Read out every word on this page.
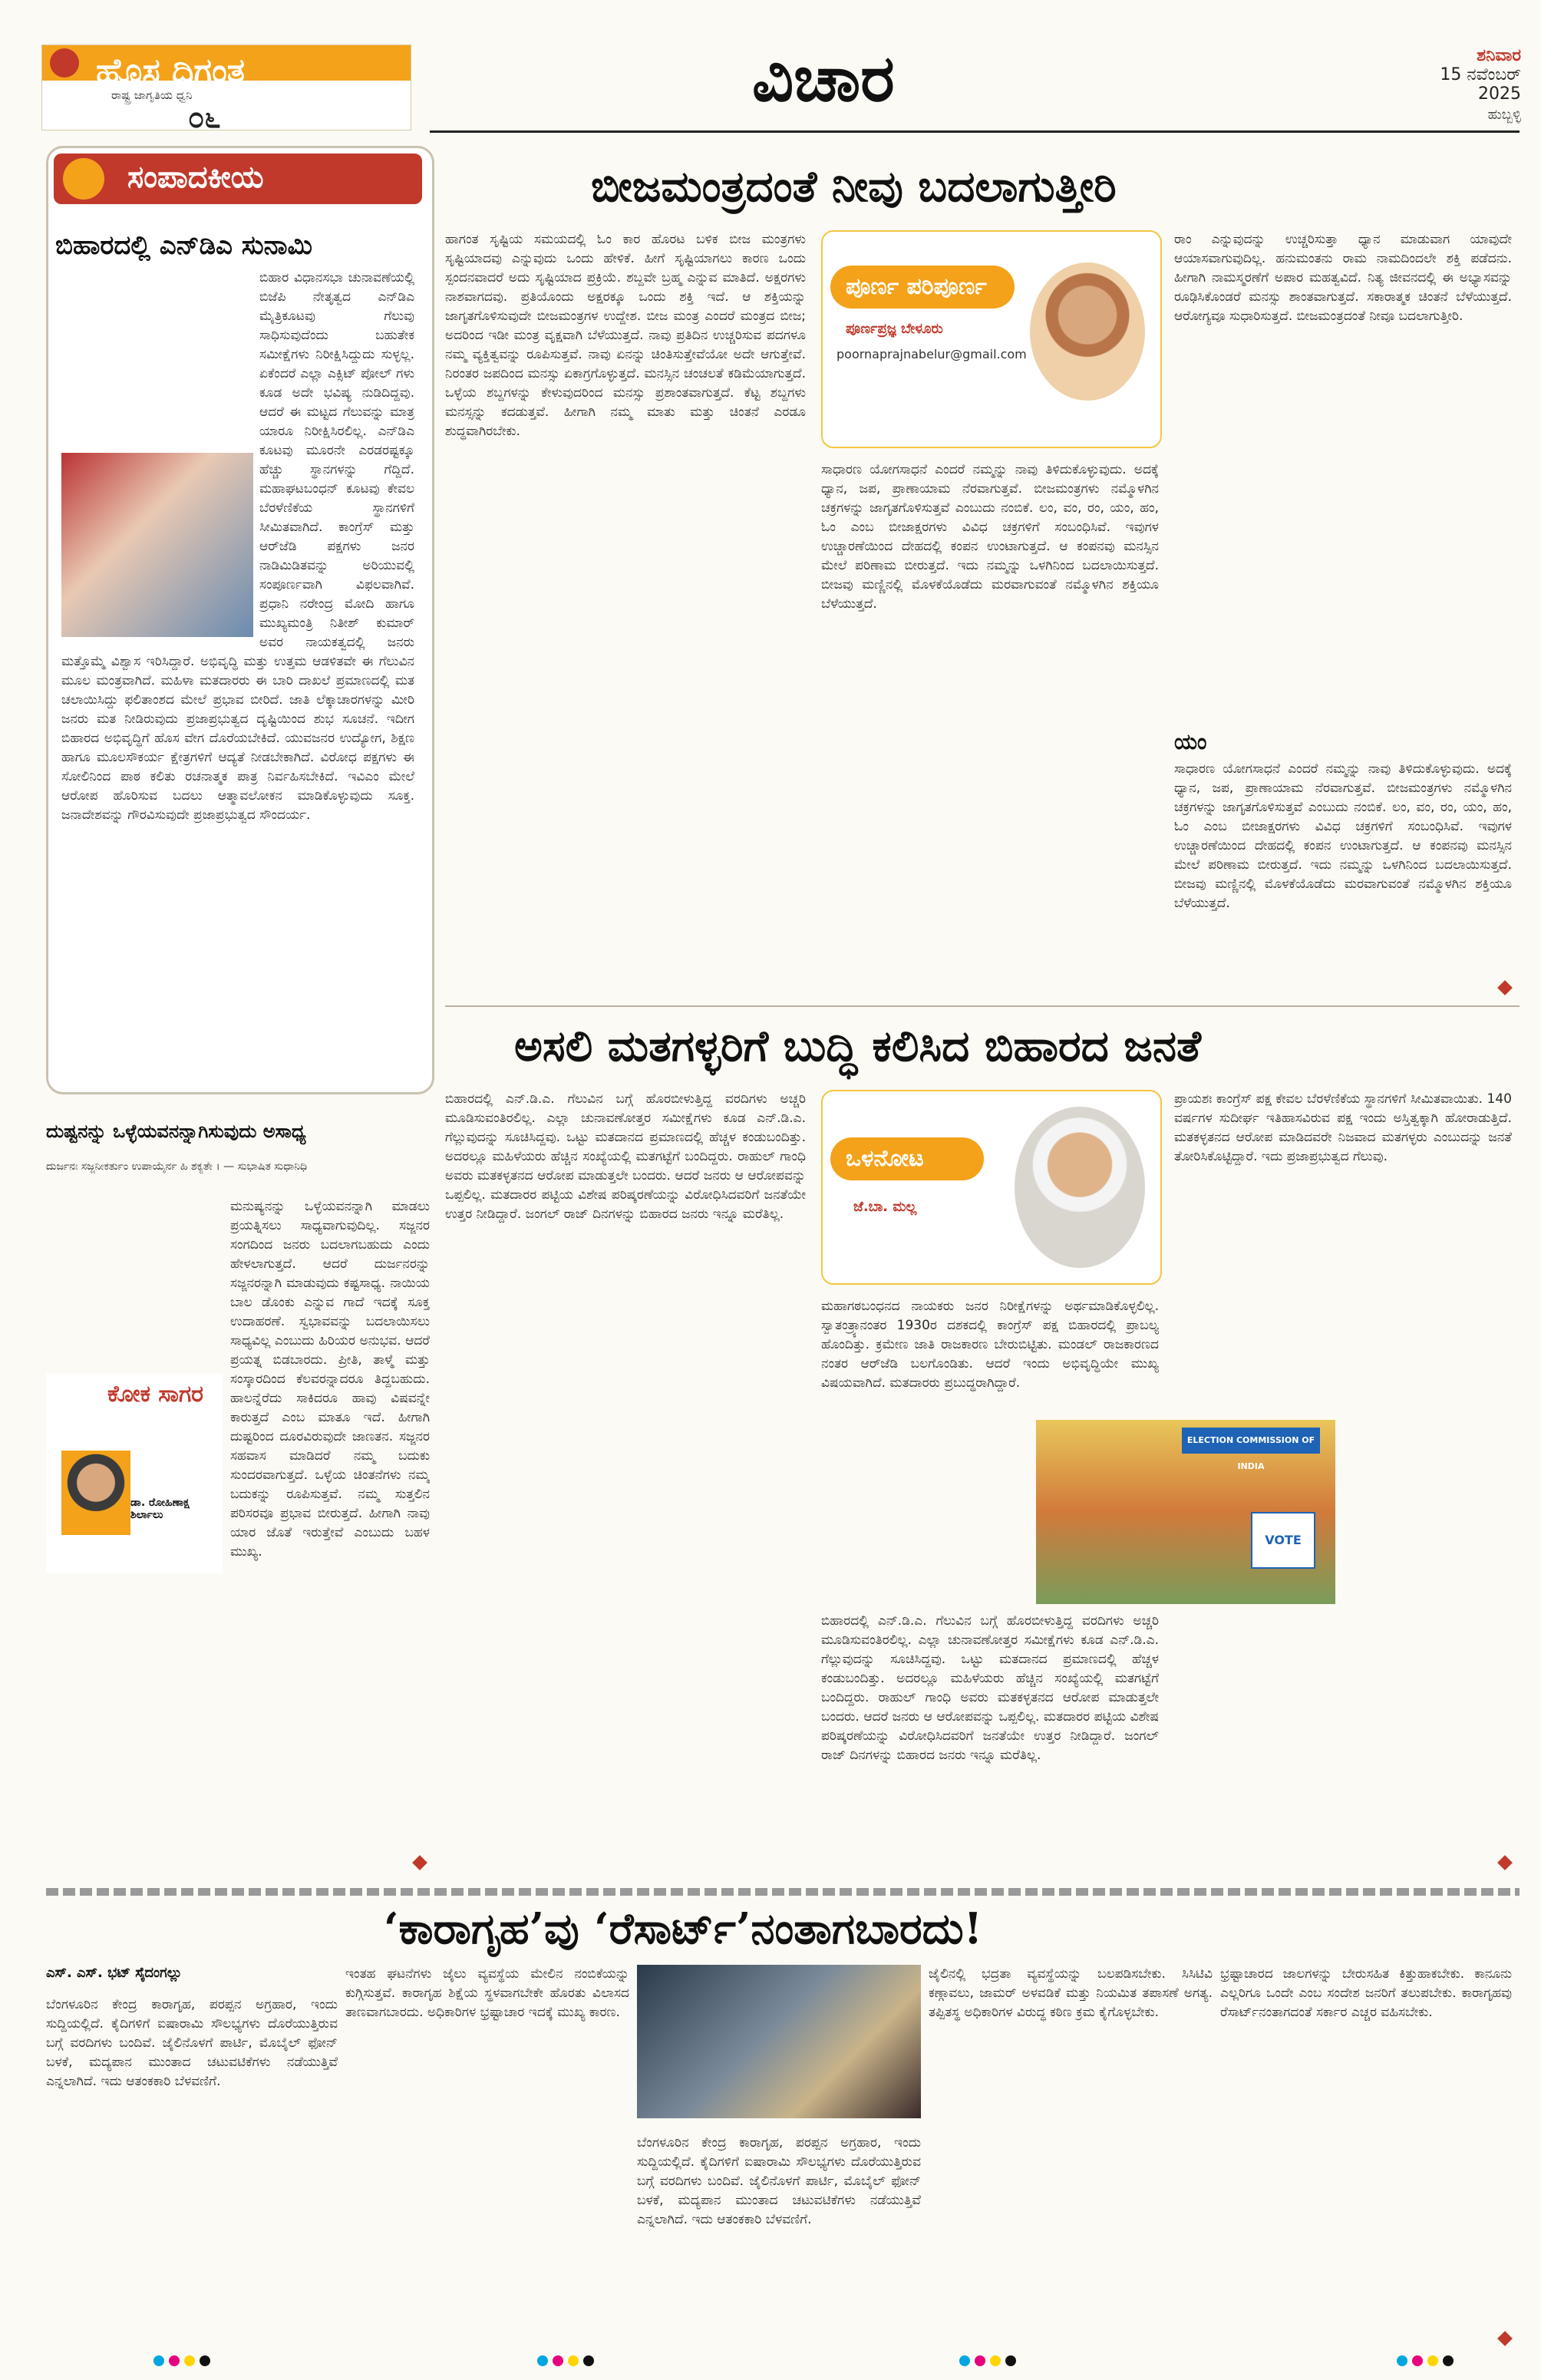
ಹೊಸ ದಿಗಂತ
ರಾಷ್ಟ್ರ ಜಾಗೃತಿಯ ಧ್ವನಿ
೦೬
ವಿಚಾರ	ಶನಿವಾರ
15 ನವೆಂಬರ್ 2025
ಹುಬ್ಬಳ್ಳಿ
ಸಂಪಾದಕೀಯ
ಬಿಹಾರದಲ್ಲಿ ಎನ್‌ಡಿಎ ಸುನಾಮಿ
ಬಿಹಾರ ವಿಧಾನಸಭಾ ಚುನಾವಣೆಯಲ್ಲಿ ಬಿಜೆಪಿ ನೇತೃತ್ವದ ಎನ್‌ಡಿಎ ಮೈತ್ರಿಕೂಟವು ಗೆಲುವು ಸಾಧಿಸುವುದೆಂದು ಬಹುತೇಕ ಸಮೀಕ್ಷೆಗಳು ನಿರೀಕ್ಷಿಸಿದ್ದುದು ಸುಳ್ಳಲ್ಲ. ಏಕೆಂದರೆ ಎಲ್ಲಾ ಎಕ್ಸಿಟ್ ಪೋಲ್ ಗಳು ಕೂಡ ಅದೇ ಭವಿಷ್ಯ ನುಡಿದಿದ್ದವು. ಆದರೆ ಈ ಮಟ್ಟದ ಗೆಲುವನ್ನು ಮಾತ್ರ ಯಾರೂ ನಿರೀಕ್ಷಿಸಿರಲಿಲ್ಲ. ಎನ್‌ಡಿಎ ಕೂಟವು ಮೂರನೇ ಎರಡರಷ್ಟಕ್ಕೂ ಹೆಚ್ಚು ಸ್ಥಾನಗಳನ್ನು ಗೆದ್ದಿದೆ. ಮಹಾಘಟಬಂಧನ್ ಕೂಟವು ಕೇವಲ ಬೆರಳೆಣಿಕೆಯ ಸ್ಥಾನಗಳಿಗೆ ಸೀಮಿತವಾಗಿದೆ. ಕಾಂಗ್ರೆಸ್ ಮತ್ತು ಆರ್‌ಜೆಡಿ ಪಕ್ಷಗಳು ಜನರ ನಾಡಿಮಿಡಿತವನ್ನು ಅರಿಯುವಲ್ಲಿ ಸಂಪೂರ್ಣವಾಗಿ ವಿಫಲವಾಗಿವೆ. ಪ್ರಧಾನಿ ನರೇಂದ್ರ ಮೋದಿ ಹಾಗೂ ಮುಖ್ಯಮಂತ್ರಿ ನಿತೀಶ್ ಕುಮಾರ್ ಅವರ ನಾಯಕತ್ವದಲ್ಲಿ ಜನರು ಮತ್ತೊಮ್ಮೆ ವಿಶ್ವಾಸ ಇರಿಸಿದ್ದಾರೆ. ಅಭಿವೃದ್ಧಿ ಮತ್ತು ಉತ್ತಮ ಆಡಳಿತವೇ ಈ ಗೆಲುವಿನ ಮೂಲ ಮಂತ್ರವಾಗಿದೆ. ಮಹಿಳಾ ಮತದಾರರು ಈ ಬಾರಿ ದಾಖಲೆ ಪ್ರಮಾಣದಲ್ಲಿ ಮತ ಚಲಾಯಿಸಿದ್ದು ಫಲಿತಾಂಶದ ಮೇಲೆ ಪ್ರಭಾವ ಬೀರಿದೆ. ಜಾತಿ ಲೆಕ್ಕಾಚಾರಗಳನ್ನು ಮೀರಿ ಜನರು ಮತ ನೀಡಿರುವುದು ಪ್ರಜಾಪ್ರಭುತ್ವದ ದೃಷ್ಟಿಯಿಂದ ಶುಭ ಸೂಚನೆ. ಇದೀಗ ಬಿಹಾರದ ಅಭಿವೃದ್ಧಿಗೆ ಹೊಸ ವೇಗ ದೊರೆಯಬೇಕಿದೆ. ಯುವಜನರ ಉದ್ಯೋಗ, ಶಿಕ್ಷಣ ಹಾಗೂ ಮೂಲಸೌಕರ್ಯ ಕ್ಷೇತ್ರಗಳಿಗೆ ಆದ್ಯತೆ ನೀಡಬೇಕಾಗಿದೆ. ವಿರೋಧ ಪಕ್ಷಗಳು ಈ ಸೋಲಿನಿಂದ ಪಾಠ ಕಲಿತು ರಚನಾತ್ಮಕ ಪಾತ್ರ ನಿರ್ವಹಿಸಬೇಕಿದೆ. ಇವಿಎಂ ಮೇಲೆ ಆರೋಪ ಹೊರಿಸುವ ಬದಲು ಆತ್ಮಾವಲೋಕನ ಮಾಡಿಕೊಳ್ಳುವುದು ಸೂಕ್ತ. ಜನಾದೇಶವನ್ನು ಗೌರವಿಸುವುದೇ ಪ್ರಜಾಪ್ರಭುತ್ವದ ಸೌಂದರ್ಯ.
ಬೀಜಮಂತ್ರದಂತೆ ನೀವು ಬದಲಾಗುತ್ತೀರಿ
ಪೂರ್ಣ ಪರಿಪೂರ್ಣ
ಪೂರ್ಣಪ್ರಜ್ಞ ಬೇಳೂರು
poornaprajnabelur@gmail.com
ಹಾಗಂತ ಸೃಷ್ಟಿಯ ಸಮಯದಲ್ಲಿ ಓಂ ಕಾರ ಹೊರಟ ಬಳಿಕ ಬೀಜ ಮಂತ್ರಗಳು ಸೃಷ್ಟಿಯಾದವು ಎನ್ನುವುದು ಒಂದು ಹೇಳಿಕೆ. ಹೀಗೆ ಸೃಷ್ಟಿಯಾಗಲು ಕಾರಣ ಒಂದು ಸ್ಪಂದನವಾದರೆ ಅದು ಸೃಷ್ಟಿಯಾದ ಪ್ರಕ್ರಿಯೆ. ಶಬ್ದವೇ ಬ್ರಹ್ಮ ಎನ್ನುವ ಮಾತಿದೆ. ಅಕ್ಷರಗಳು ನಾಶವಾಗದವು. ಪ್ರತಿಯೊಂದು ಅಕ್ಷರಕ್ಕೂ ಒಂದು ಶಕ್ತಿ ಇದೆ. ಆ ಶಕ್ತಿಯನ್ನು ಜಾಗೃತಗೊಳಿಸುವುದೇ ಬೀಜಮಂತ್ರಗಳ ಉದ್ದೇಶ. ಬೀಜ ಮಂತ್ರ ಎಂದರೆ ಮಂತ್ರದ ಬೀಜ; ಅದರಿಂದ ಇಡೀ ಮಂತ್ರ ವೃಕ್ಷವಾಗಿ ಬೆಳೆಯುತ್ತದೆ. ನಾವು ಪ್ರತಿದಿನ ಉಚ್ಚರಿಸುವ ಪದಗಳೂ ನಮ್ಮ ವ್ಯಕ್ತಿತ್ವವನ್ನು ರೂಪಿಸುತ್ತವೆ. ನಾವು ಏನನ್ನು ಚಿಂತಿಸುತ್ತೇವೆಯೋ ಅದೇ ಆಗುತ್ತೇವೆ. ನಿರಂತರ ಜಪದಿಂದ ಮನಸ್ಸು ಏಕಾಗ್ರಗೊಳ್ಳುತ್ತದೆ. ಮನಸ್ಸಿನ ಚಂಚಲತೆ ಕಡಿಮೆಯಾಗುತ್ತದೆ. ಒಳ್ಳೆಯ ಶಬ್ದಗಳನ್ನು ಕೇಳುವುದರಿಂದ ಮನಸ್ಸು ಪ್ರಶಾಂತವಾಗುತ್ತದೆ. ಕೆಟ್ಟ ಶಬ್ದಗಳು ಮನಸ್ಸನ್ನು ಕದಡುತ್ತವೆ. ಹೀಗಾಗಿ ನಮ್ಮ ಮಾತು ಮತ್ತು ಚಿಂತನೆ ಎರಡೂ ಶುದ್ಧವಾಗಿರಬೇಕು.
ಸಾಧಾರಣ ಯೋಗಸಾಧನೆ ಎಂದರೆ ನಮ್ಮನ್ನು ನಾವು ತಿಳಿದುಕೊಳ್ಳುವುದು. ಅದಕ್ಕೆ ಧ್ಯಾನ, ಜಪ, ಪ್ರಾಣಾಯಾಮ ನೆರವಾಗುತ್ತವೆ. ಬೀಜಮಂತ್ರಗಳು ನಮ್ಮೊಳಗಿನ ಚಕ್ರಗಳನ್ನು ಜಾಗೃತಗೊಳಿಸುತ್ತವೆ ಎಂಬುದು ನಂಬಿಕೆ. ಲಂ, ವಂ, ರಂ, ಯಂ, ಹಂ, ಓಂ ಎಂಬ ಬೀಜಾಕ್ಷರಗಳು ವಿವಿಧ ಚಕ್ರಗಳಿಗೆ ಸಂಬಂಧಿಸಿವೆ. ಇವುಗಳ ಉಚ್ಚಾರಣೆಯಿಂದ ದೇಹದಲ್ಲಿ ಕಂಪನ ಉಂಟಾಗುತ್ತದೆ. ಆ ಕಂಪನವು ಮನಸ್ಸಿನ ಮೇಲೆ ಪರಿಣಾಮ ಬೀರುತ್ತದೆ. ಇದು ನಮ್ಮನ್ನು ಒಳಗಿನಿಂದ ಬದಲಾಯಿಸುತ್ತದೆ. ಬೀಜವು ಮಣ್ಣಿನಲ್ಲಿ ಮೊಳಕೆಯೊಡೆದು ಮರವಾಗುವಂತೆ ನಮ್ಮೊಳಗಿನ ಶಕ್ತಿಯೂ ಬೆಳೆಯುತ್ತದೆ.
ರಾಂ ಎನ್ನುವುದನ್ನು ಉಚ್ಚರಿಸುತ್ತಾ ಧ್ಯಾನ ಮಾಡುವಾಗ ಯಾವುದೇ ಆಯಾಸವಾಗುವುದಿಲ್ಲ. ಹನುಮಂತನು ರಾಮ ನಾಮದಿಂದಲೇ ಶಕ್ತಿ ಪಡೆದನು. ಹೀಗಾಗಿ ನಾಮಸ್ಮರಣೆಗೆ ಅಪಾರ ಮಹತ್ವವಿದೆ. ನಿತ್ಯ ಜೀವನದಲ್ಲಿ ಈ ಅಭ್ಯಾಸವನ್ನು ರೂಢಿಸಿಕೊಂಡರೆ ಮನಸ್ಸು ಶಾಂತವಾಗುತ್ತದೆ. ಸಕಾರಾತ್ಮಕ ಚಿಂತನೆ ಬೆಳೆಯುತ್ತದೆ. ಆರೋಗ್ಯವೂ ಸುಧಾರಿಸುತ್ತದೆ. ಬೀಜಮಂತ್ರದಂತೆ ನೀವೂ ಬದಲಾಗುತ್ತೀರಿ.
ಯಂ
ಸಾಧಾರಣ ಯೋಗಸಾಧನೆ ಎಂದರೆ ನಮ್ಮನ್ನು ನಾವು ತಿಳಿದುಕೊಳ್ಳುವುದು. ಅದಕ್ಕೆ ಧ್ಯಾನ, ಜಪ, ಪ್ರಾಣಾಯಾಮ ನೆರವಾಗುತ್ತವೆ. ಬೀಜಮಂತ್ರಗಳು ನಮ್ಮೊಳಗಿನ ಚಕ್ರಗಳನ್ನು ಜಾಗೃತಗೊಳಿಸುತ್ತವೆ ಎಂಬುದು ನಂಬಿಕೆ. ಲಂ, ವಂ, ರಂ, ಯಂ, ಹಂ, ಓಂ ಎಂಬ ಬೀಜಾಕ್ಷರಗಳು ವಿವಿಧ ಚಕ್ರಗಳಿಗೆ ಸಂಬಂಧಿಸಿವೆ. ಇವುಗಳ ಉಚ್ಚಾರಣೆಯಿಂದ ದೇಹದಲ್ಲಿ ಕಂಪನ ಉಂಟಾಗುತ್ತದೆ. ಆ ಕಂಪನವು ಮನಸ್ಸಿನ ಮೇಲೆ ಪರಿಣಾಮ ಬೀರುತ್ತದೆ. ಇದು ನಮ್ಮನ್ನು ಒಳಗಿನಿಂದ ಬದಲಾಯಿಸುತ್ತದೆ. ಬೀಜವು ಮಣ್ಣಿನಲ್ಲಿ ಮೊಳಕೆಯೊಡೆದು ಮರವಾಗುವಂತೆ ನಮ್ಮೊಳಗಿನ ಶಕ್ತಿಯೂ ಬೆಳೆಯುತ್ತದೆ.
ಅಸಲಿ ಮತಗಳ್ಳರಿಗೆ ಬುದ್ಧಿ ಕಲಿಸಿದ ಬಿಹಾರದ ಜನತೆ
ಒಳನೋಟ
ಜೆ.ಬಾ. ಮಲ್ಲ
ಬಿಹಾರದಲ್ಲಿ ಎನ್.ಡಿ.ಎ. ಗೆಲುವಿನ ಬಗ್ಗೆ ಹೊರಬೀಳುತ್ತಿದ್ದ ವರದಿಗಳು ಅಚ್ಚರಿ ಮೂಡಿಸುವಂತಿರಲಿಲ್ಲ. ಎಲ್ಲಾ ಚುನಾವಣೋತ್ತರ ಸಮೀಕ್ಷೆಗಳು ಕೂಡ ಎನ್.ಡಿ.ಎ. ಗೆಲ್ಲುವುದನ್ನು ಸೂಚಿಸಿದ್ದವು. ಒಟ್ಟು ಮತದಾನದ ಪ್ರಮಾಣದಲ್ಲಿ ಹೆಚ್ಚಳ ಕಂಡುಬಂದಿತ್ತು. ಅದರಲ್ಲೂ ಮಹಿಳೆಯರು ಹೆಚ್ಚಿನ ಸಂಖ್ಯೆಯಲ್ಲಿ ಮತಗಟ್ಟೆಗೆ ಬಂದಿದ್ದರು. ರಾಹುಲ್ ಗಾಂಧಿ ಅವರು ಮತಕಳ್ಳತನದ ಆರೋಪ ಮಾಡುತ್ತಲೇ ಬಂದರು. ಆದರೆ ಜನರು ಆ ಆರೋಪವನ್ನು ಒಪ್ಪಲಿಲ್ಲ. ಮತದಾರರ ಪಟ್ಟಿಯ ವಿಶೇಷ ಪರಿಷ್ಕರಣೆಯನ್ನು ವಿರೋಧಿಸಿದವರಿಗೆ ಜನತೆಯೇ ಉತ್ತರ ನೀಡಿದ್ದಾರೆ. ಜಂಗಲ್ ರಾಜ್ ದಿನಗಳನ್ನು ಬಿಹಾರದ ಜನರು ಇನ್ನೂ ಮರೆತಿಲ್ಲ.
ಮಹಾಗಠಬಂಧನದ ನಾಯಕರು ಜನರ ನಿರೀಕ್ಷೆಗಳನ್ನು ಅರ್ಥಮಾಡಿಕೊಳ್ಳಲಿಲ್ಲ. ಸ್ವಾತಂತ್ರ್ಯಾನಂತರ 1930ರ ದಶಕದಲ್ಲಿ ಕಾಂಗ್ರೆಸ್ ಪಕ್ಷ ಬಿಹಾರದಲ್ಲಿ ಪ್ರಾಬಲ್ಯ ಹೊಂದಿತ್ತು. ಕ್ರಮೇಣ ಜಾತಿ ರಾಜಕಾರಣ ಬೇರುಬಿಟ್ಟಿತು. ಮಂಡಲ್ ರಾಜಕಾರಣದ ನಂತರ ಆರ್‌ಜೆಡಿ ಬಲಗೊಂಡಿತು. ಆದರೆ ಇಂದು ಅಭಿವೃದ್ಧಿಯೇ ಮುಖ್ಯ ವಿಷಯವಾಗಿದೆ. ಮತದಾರರು ಪ್ರಬುದ್ಧರಾಗಿದ್ದಾರೆ.
ELECTION COMMISSION OF INDIA
VOTE
ಬಿಹಾರದಲ್ಲಿ ಎನ್.ಡಿ.ಎ. ಗೆಲುವಿನ ಬಗ್ಗೆ ಹೊರಬೀಳುತ್ತಿದ್ದ ವರದಿಗಳು ಅಚ್ಚರಿ ಮೂಡಿಸುವಂತಿರಲಿಲ್ಲ. ಎಲ್ಲಾ ಚುನಾವಣೋತ್ತರ ಸಮೀಕ್ಷೆಗಳು ಕೂಡ ಎನ್.ಡಿ.ಎ. ಗೆಲ್ಲುವುದನ್ನು ಸೂಚಿಸಿದ್ದವು. ಒಟ್ಟು ಮತದಾನದ ಪ್ರಮಾಣದಲ್ಲಿ ಹೆಚ್ಚಳ ಕಂಡುಬಂದಿತ್ತು. ಅದರಲ್ಲೂ ಮಹಿಳೆಯರು ಹೆಚ್ಚಿನ ಸಂಖ್ಯೆಯಲ್ಲಿ ಮತಗಟ್ಟೆಗೆ ಬಂದಿದ್ದರು. ರಾಹುಲ್ ಗಾಂಧಿ ಅವರು ಮತಕಳ್ಳತನದ ಆರೋಪ ಮಾಡುತ್ತಲೇ ಬಂದರು. ಆದರೆ ಜನರು ಆ ಆರೋಪವನ್ನು ಒಪ್ಪಲಿಲ್ಲ. ಮತದಾರರ ಪಟ್ಟಿಯ ವಿಶೇಷ ಪರಿಷ್ಕರಣೆಯನ್ನು ವಿರೋಧಿಸಿದವರಿಗೆ ಜನತೆಯೇ ಉತ್ತರ ನೀಡಿದ್ದಾರೆ. ಜಂಗಲ್ ರಾಜ್ ದಿನಗಳನ್ನು ಬಿಹಾರದ ಜನರು ಇನ್ನೂ ಮರೆತಿಲ್ಲ.
ಪ್ರಾಯಶಃ ಕಾಂಗ್ರೆಸ್ ಪಕ್ಷ ಕೇವಲ ಬೆರಳೆಣಿಕೆಯ ಸ್ಥಾನಗಳಿಗೆ ಸೀಮಿತವಾಯಿತು. 140 ವರ್ಷಗಳ ಸುದೀರ್ಘ ಇತಿಹಾಸವಿರುವ ಪಕ್ಷ ಇಂದು ಅಸ್ತಿತ್ವಕ್ಕಾಗಿ ಹೋರಾಡುತ್ತಿದೆ. ಮತಕಳ್ಳತನದ ಆರೋಪ ಮಾಡಿದವರೇ ನಿಜವಾದ ಮತಗಳ್ಳರು ಎಂಬುದನ್ನು ಜನತೆ ತೋರಿಸಿಕೊಟ್ಟಿದ್ದಾರೆ. ಇದು ಪ್ರಜಾಪ್ರಭುತ್ವದ ಗೆಲುವು.
ದುಷ್ಟನನ್ನು ಒಳ್ಳೆಯವನನ್ನಾಗಿಸುವುದು ಅಸಾಧ್ಯ
ದುರ್ಜನಃ ಸಜ್ಜನೀಕರ್ತುಂ ಉಪಾಯೈರ್ನ ಹಿ ಶಕ್ಯತೇ । — ಸುಭಾಷಿತ ಸುಧಾನಿಧಿ
ಕೋಕ ಸಾಗರ
ಡಾ. ರೋಹಿಣಾಕ್ಷ ಶಿರ್ಲಾಲು
ಮನುಷ್ಯನನ್ನು ಒಳ್ಳೆಯವನನ್ನಾಗಿ ಮಾಡಲು ಪ್ರಯತ್ನಿಸಲು ಸಾಧ್ಯವಾಗುವುದಿಲ್ಲ. ಸಜ್ಜನರ ಸಂಗದಿಂದ ಜನರು ಬದಲಾಗಬಹುದು ಎಂದು ಹೇಳಲಾಗುತ್ತದೆ. ಆದರೆ ದುರ್ಜನರನ್ನು ಸಜ್ಜನರನ್ನಾಗಿ ಮಾಡುವುದು ಕಷ್ಟಸಾಧ್ಯ. ನಾಯಿಯ ಬಾಲ ಡೊಂಕು ಎನ್ನುವ ಗಾದೆ ಇದಕ್ಕೆ ಸೂಕ್ತ ಉದಾಹರಣೆ. ಸ್ವಭಾವವನ್ನು ಬದಲಾಯಿಸಲು ಸಾಧ್ಯವಿಲ್ಲ ಎಂಬುದು ಹಿರಿಯರ ಅನುಭವ. ಆದರೆ ಪ್ರಯತ್ನ ಬಿಡಬಾರದು. ಪ್ರೀತಿ, ತಾಳ್ಮೆ ಮತ್ತು ಸಂಸ್ಕಾರದಿಂದ ಕೆಲವರನ್ನಾದರೂ ತಿದ್ದಬಹುದು. ಹಾಲನ್ನೆರೆದು ಸಾಕಿದರೂ ಹಾವು ವಿಷವನ್ನೇ ಕಾರುತ್ತದೆ ಎಂಬ ಮಾತೂ ಇದೆ. ಹೀಗಾಗಿ ದುಷ್ಟರಿಂದ ದೂರವಿರುವುದೇ ಜಾಣತನ. ಸಜ್ಜನರ ಸಹವಾಸ ಮಾಡಿದರೆ ನಮ್ಮ ಬದುಕು ಸುಂದರವಾಗುತ್ತದೆ. ಒಳ್ಳೆಯ ಚಿಂತನೆಗಳು ನಮ್ಮ ಬದುಕನ್ನು ರೂಪಿಸುತ್ತವೆ. ನಮ್ಮ ಸುತ್ತಲಿನ ಪರಿಸರವೂ ಪ್ರಭಾವ ಬೀರುತ್ತದೆ. ಹೀಗಾಗಿ ನಾವು ಯಾರ ಜೊತೆ ಇರುತ್ತೇವೆ ಎಂಬುದು ಬಹಳ ಮುಖ್ಯ.
‘ಕಾರಾಗೃಹ’ವು ‘ರೆಸಾರ್ಟ್’ನಂತಾಗಬಾರದು!
ಎಸ್. ಎಸ್. ಭಟ್ ಸೈದಂಗಲ್ಲು
ಬೆಂಗಳೂರಿನ ಕೇಂದ್ರ ಕಾರಾಗೃಹ, ಪರಪ್ಪನ ಅಗ್ರಹಾರ, ಇಂದು ಸುದ್ದಿಯಲ್ಲಿದೆ. ಕೈದಿಗಳಿಗೆ ಐಷಾರಾಮಿ ಸೌಲಭ್ಯಗಳು ದೊರೆಯುತ್ತಿರುವ ಬಗ್ಗೆ ವರದಿಗಳು ಬಂದಿವೆ. ಜೈಲಿನೊಳಗೆ ಪಾರ್ಟಿ, ಮೊಬೈಲ್ ಫೋನ್ ಬಳಕೆ, ಮದ್ಯಪಾನ ಮುಂತಾದ ಚಟುವಟಿಕೆಗಳು ನಡೆಯುತ್ತಿವೆ ಎನ್ನಲಾಗಿದೆ. ಇದು ಆತಂಕಕಾರಿ ಬೆಳವಣಿಗೆ.
ಇಂತಹ ಘಟನೆಗಳು ಜೈಲು ವ್ಯವಸ್ಥೆಯ ಮೇಲಿನ ನಂಬಿಕೆಯನ್ನು ಕುಗ್ಗಿಸುತ್ತವೆ. ಕಾರಾಗೃಹ ಶಿಕ್ಷೆಯ ಸ್ಥಳವಾಗಬೇಕೇ ಹೊರತು ವಿಲಾಸದ ತಾಣವಾಗಬಾರದು. ಅಧಿಕಾರಿಗಳ ಭ್ರಷ್ಟಾಚಾರ ಇದಕ್ಕೆ ಮುಖ್ಯ ಕಾರಣ.
ಬೆಂಗಳೂರಿನ ಕೇಂದ್ರ ಕಾರಾಗೃಹ, ಪರಪ್ಪನ ಅಗ್ರಹಾರ, ಇಂದು ಸುದ್ದಿಯಲ್ಲಿದೆ. ಕೈದಿಗಳಿಗೆ ಐಷಾರಾಮಿ ಸೌಲಭ್ಯಗಳು ದೊರೆಯುತ್ತಿರುವ ಬಗ್ಗೆ ವರದಿಗಳು ಬಂದಿವೆ. ಜೈಲಿನೊಳಗೆ ಪಾರ್ಟಿ, ಮೊಬೈಲ್ ಫೋನ್ ಬಳಕೆ, ಮದ್ಯಪಾನ ಮುಂತಾದ ಚಟುವಟಿಕೆಗಳು ನಡೆಯುತ್ತಿವೆ ಎನ್ನಲಾಗಿದೆ. ಇದು ಆತಂಕಕಾರಿ ಬೆಳವಣಿಗೆ.
ಜೈಲಿನಲ್ಲಿ ಭದ್ರತಾ ವ್ಯವಸ್ಥೆಯನ್ನು ಬಲಪಡಿಸಬೇಕು. ಸಿಸಿಟಿವಿ ಕಣ್ಗಾವಲು, ಜಾಮರ್ ಅಳವಡಿಕೆ ಮತ್ತು ನಿಯಮಿತ ತಪಾಸಣೆ ಅಗತ್ಯ. ತಪ್ಪಿತಸ್ಥ ಅಧಿಕಾರಿಗಳ ವಿರುದ್ಧ ಕಠಿಣ ಕ್ರಮ ಕೈಗೊಳ್ಳಬೇಕು.
ಭ್ರಷ್ಟಾಚಾರದ ಜಾಲಗಳನ್ನು ಬೇರುಸಹಿತ ಕಿತ್ತುಹಾಕಬೇಕು. ಕಾನೂನು ಎಲ್ಲರಿಗೂ ಒಂದೇ ಎಂಬ ಸಂದೇಶ ಜನರಿಗೆ ತಲುಪಬೇಕು. ಕಾರಾಗೃಹವು ರೆಸಾರ್ಟ್‌ನಂತಾಗದಂತೆ ಸರ್ಕಾರ ಎಚ್ಚರ ವಹಿಸಬೇಕು.
